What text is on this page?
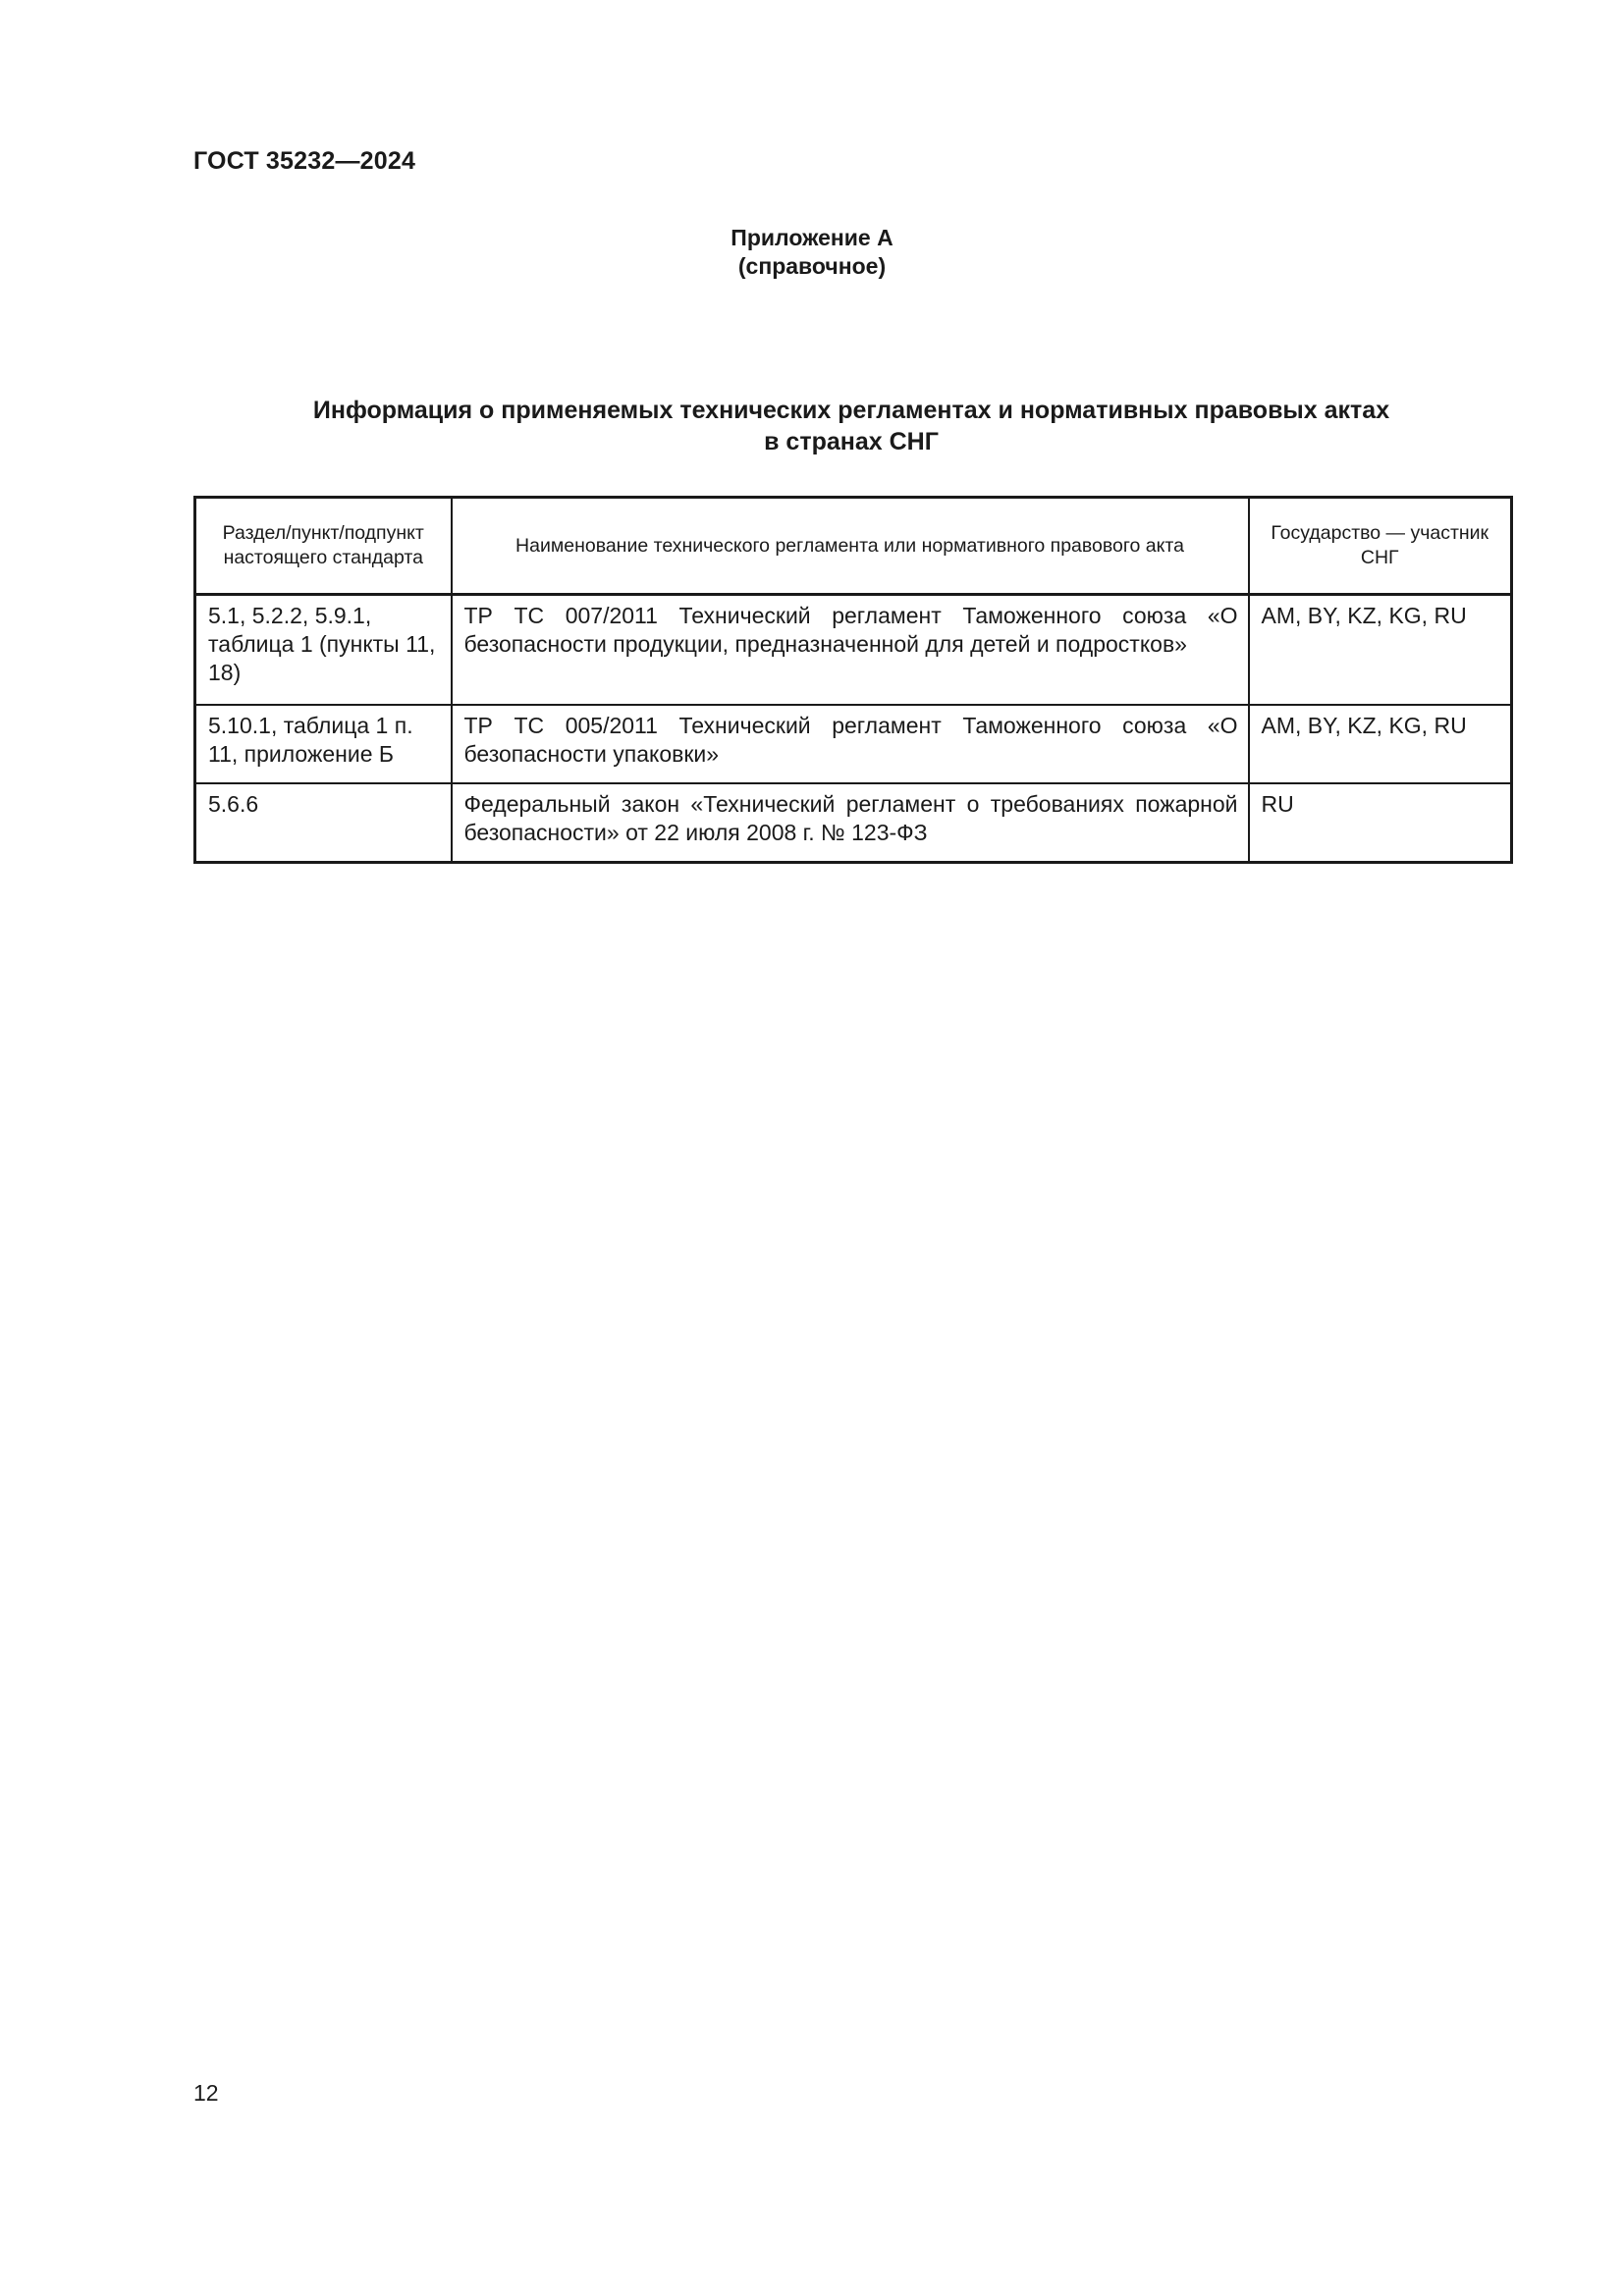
ГОСТ 35232—2024
Приложение А
(справочное)
Информация о применяемых технических регламентах и нормативных правовых актах
в странах СНГ
Раздел/пункт/подпункт настоящего стандарта	Наименование технического регламента или нормативного правового акта	Государство — участник СНГ
5.1, 5.2.2, 5.9.1, таблица 1 (пункты 11, 18)	ТР ТС 007/2011 Технический регламент Таможенного союза «О безопасности продукции, предназначенной для детей и подростков»	AM, BY, KZ, KG, RU
5.10.1, таблица 1 п. 11, приложение Б	ТР ТС 005/2011 Технический регламент Таможенного союза «О безопасности упаковки»	AM, BY, KZ, KG, RU
5.6.6	Федеральный закон «Технический регламент о требованиях пожарной безопасности» от 22 июля 2008 г. № 123-ФЗ	RU
12
